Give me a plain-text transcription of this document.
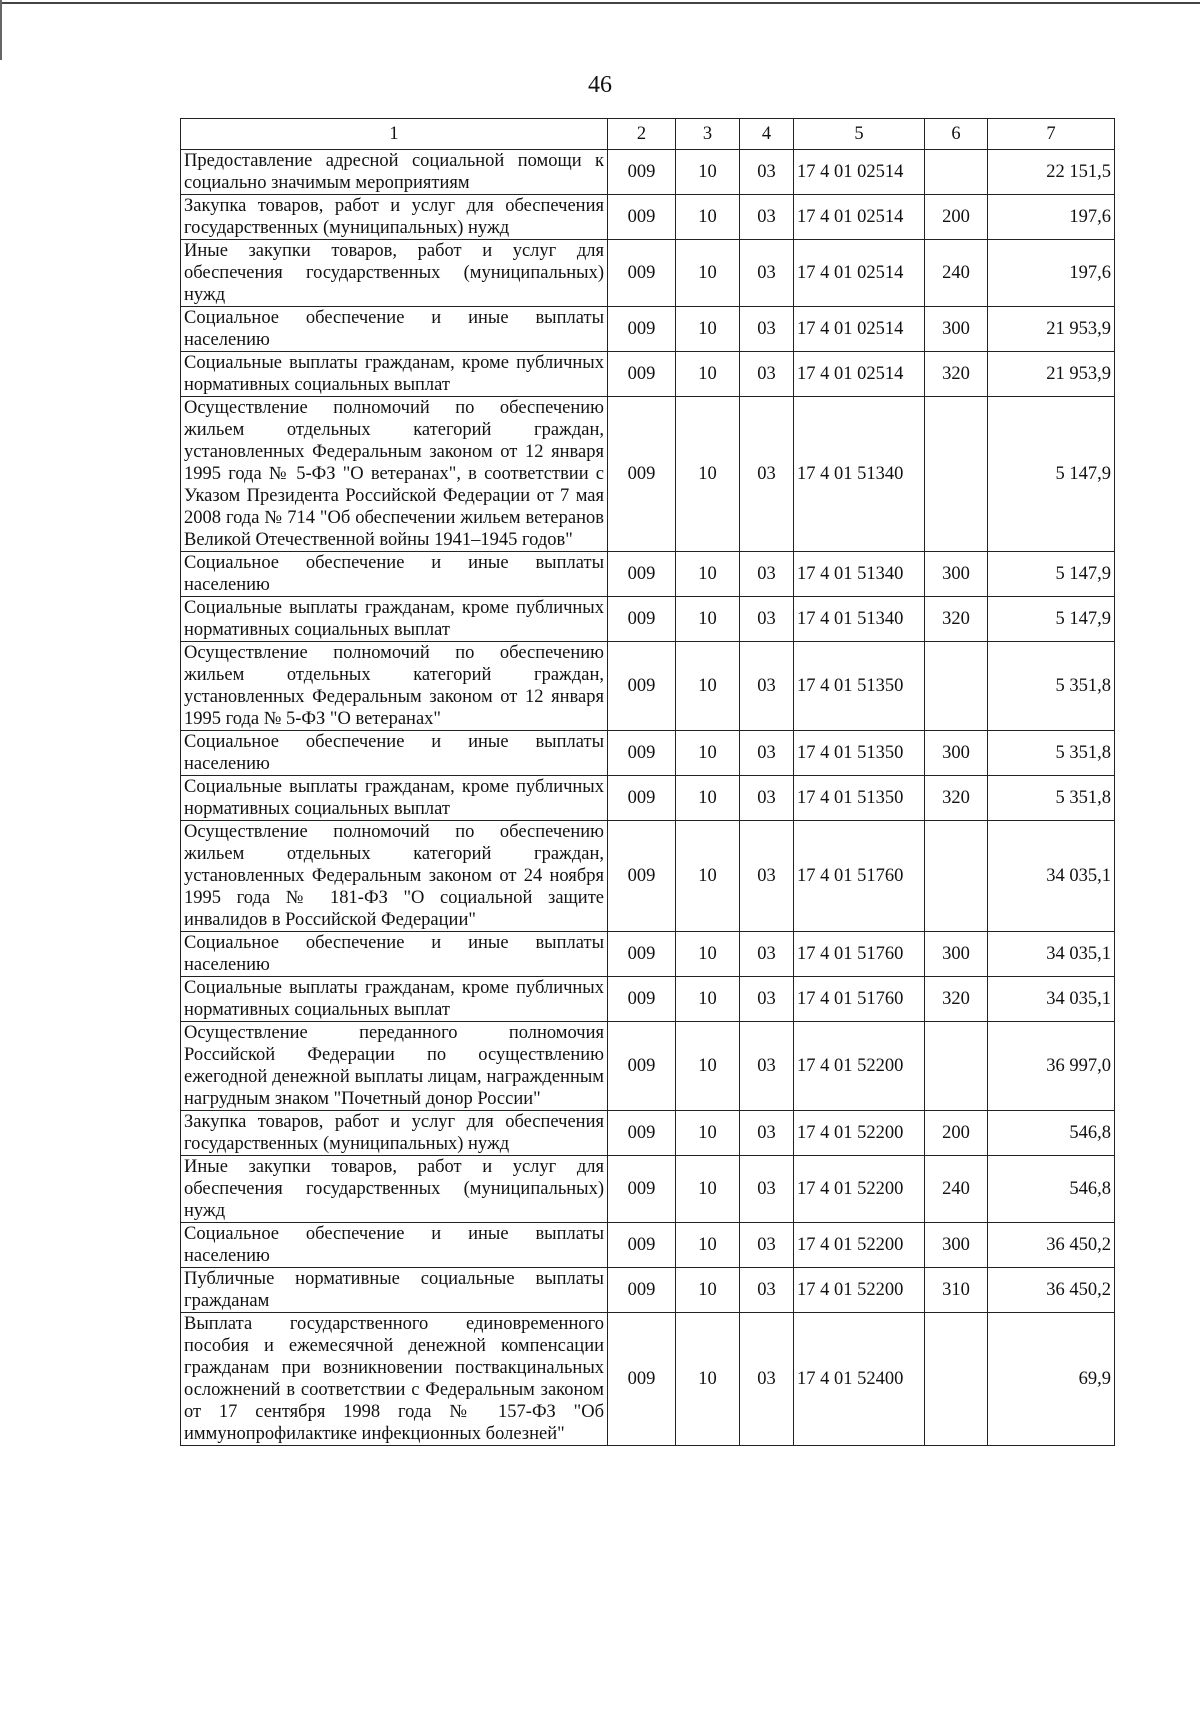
46
1	2	3	4	5	6	7
Предоставление адресной социальной помощи к социально значимым мероприятиям	009	10	03	17 4 01 02514		22 151,5
Закупка товаров, работ и услуг для обеспечения государственных (муниципальных) нужд	009	10	03	17 4 01 02514	200	197,6
Иные закупки товаров, работ и услуг для обеспечения государственных (муниципальных) нужд	009	10	03	17 4 01 02514	240	197,6
Социальное обеспечение и иные выплаты населению	009	10	03	17 4 01 02514	300	21 953,9
Социальные выплаты гражданам, кроме публичных нормативных социальных выплат	009	10	03	17 4 01 02514	320	21 953,9
Осуществление полномочий по обеспечению жильем отдельных категорий граждан, установленных Федеральным законом от 12 января 1995 года № 5-ФЗ "О ветеранах", в соответствии с Указом Президента Российской Федерации от 7 мая 2008 года № 714 "Об обеспечении жильем ветеранов Великой Отечественной войны 1941–1945 годов"	009	10	03	17 4 01 51340		5 147,9
Социальное обеспечение и иные выплаты населению	009	10	03	17 4 01 51340	300	5 147,9
Социальные выплаты гражданам, кроме публичных нормативных социальных выплат	009	10	03	17 4 01 51340	320	5 147,9
Осуществление полномочий по обеспечению жильем отдельных категорий граждан, установленных Федеральным законом от 12 января 1995 года № 5-ФЗ "О ветеранах"	009	10	03	17 4 01 51350		5 351,8
Социальное обеспечение и иные выплаты населению	009	10	03	17 4 01 51350	300	5 351,8
Социальные выплаты гражданам, кроме публичных нормативных социальных выплат	009	10	03	17 4 01 51350	320	5 351,8
Осуществление полномочий по обеспечению жильем отдельных категорий граждан, установленных Федеральным законом от 24 ноября 1995 года № 181-ФЗ "О социальной защите инвалидов в Российской Федерации"	009	10	03	17 4 01 51760		34 035,1
Социальное обеспечение и иные выплаты населению	009	10	03	17 4 01 51760	300	34 035,1
Социальные выплаты гражданам, кроме публичных нормативных социальных выплат	009	10	03	17 4 01 51760	320	34 035,1
Осуществление переданного полномочия Российской Федерации по осуществлению ежегодной денежной выплаты лицам, награжденным нагрудным знаком "Почетный донор России"	009	10	03	17 4 01 52200		36 997,0
Закупка товаров, работ и услуг для обеспечения государственных (муниципальных) нужд	009	10	03	17 4 01 52200	200	546,8
Иные закупки товаров, работ и услуг для обеспечения государственных (муниципальных) нужд	009	10	03	17 4 01 52200	240	546,8
Социальное обеспечение и иные выплаты населению	009	10	03	17 4 01 52200	300	36 450,2
Публичные нормативные социальные выплаты гражданам	009	10	03	17 4 01 52200	310	36 450,2
Выплата государственного единовременного пособия и ежемесячной денежной компенсации гражданам при возникновении поствакцинальных осложнений в соответствии с Федеральным законом от 17 сентября 1998 года № 157-ФЗ "Об иммунопрофилактике инфекционных болезней"	009	10	03	17 4 01 52400		69,9
